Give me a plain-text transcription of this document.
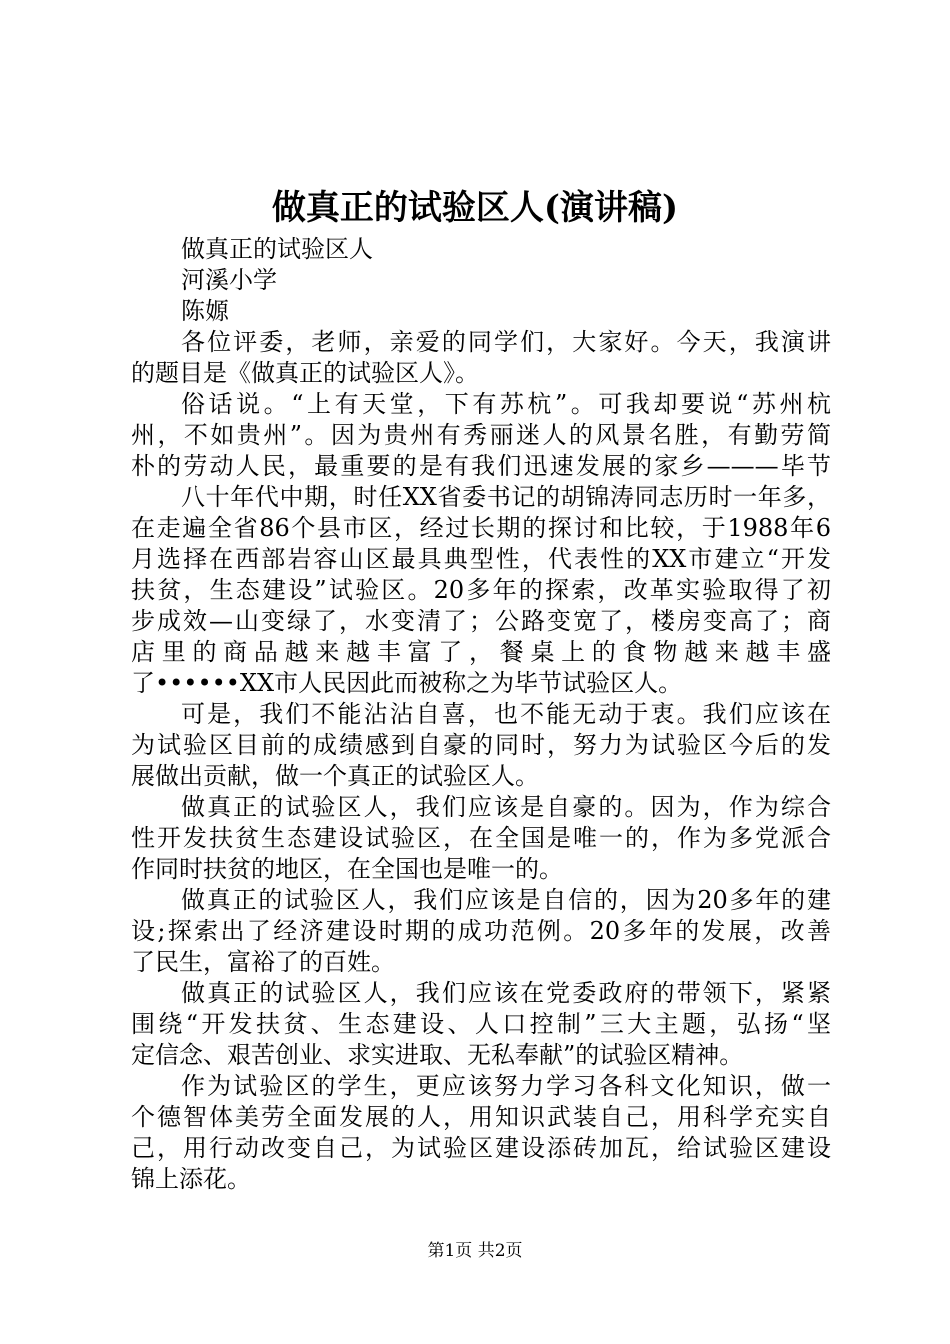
做真正的试验区人(演讲稿)
做真正的试验区人
河溪小学
陈嫄
各位评委，老师，亲爱的同学们，大家好。今天，我演讲
的题目是《做真正的试验区人》。
俗话说。“上有天堂，下有苏杭”。可我却要说“苏州杭
州，不如贵州”。因为贵州有秀丽迷人的风景名胜，有勤劳简
朴的劳动人民，最重要的是有我们迅速发展的家乡———毕节
八十年代中期，时任XX省委书记的胡锦涛同志历时一年多，
在走遍全省86个县市区，经过长期的探讨和比较，于1988年6
月选择在西部岩容山区最具典型性，代表性的XX市建立“开发
扶贫，生态建设”试验区。20多年的探索，改革实验取得了初
步成效—山变绿了，水变清了；公路变宽了，楼房变高了；商
店里的商品越来越丰富了，餐桌上的食物越来越丰盛
了••••••XX市人民因此而被称之为毕节试验区人。
可是，我们不能沾沾自喜，也不能无动于衷。我们应该在
为试验区目前的成绩感到自豪的同时，努力为试验区今后的发
展做出贡献，做一个真正的试验区人。
做真正的试验区人，我们应该是自豪的。因为，作为综合
性开发扶贫生态建设试验区，在全国是唯一的，作为多党派合
作同时扶贫的地区，在全国也是唯一的。
做真正的试验区人，我们应该是自信的，因为20多年的建
设;探索出了经济建设时期的成功范例。20多年的发展，改善
了民生，富裕了的百姓。
做真正的试验区人，我们应该在党委政府的带领下，紧紧
围绕“开发扶贫、生态建设、人口控制”三大主题，弘扬“坚
定信念、艰苦创业、求实进取、无私奉献”的试验区精神。
作为试验区的学生，更应该努力学习各科文化知识，做一
个德智体美劳全面发展的人，用知识武装自己，用科学充实自
己，用行动改变自己，为试验区建设添砖加瓦，给试验区建设
锦上添花。
第1页 共2页
